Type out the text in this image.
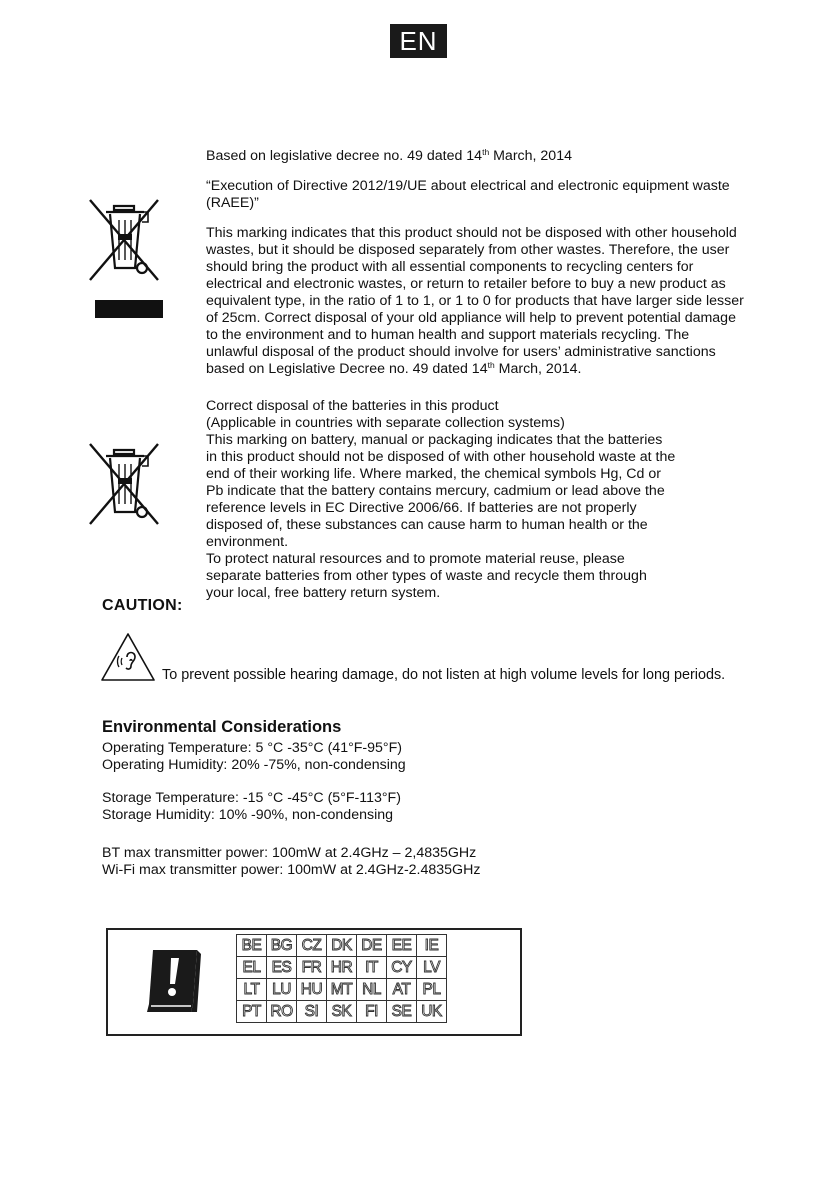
EN

Based on legislative decree no. 49 dated 14th March, 2014

“Execution of Directive 2012/19/UE about electrical and electronic equipment waste

(RAEE)”

This marking indicates that this product should not be disposed with other household

wastes, but it should be disposed separately from other wastes. Therefore, the user

should bring the product with all essential components to recycling centers for

electrical and electronic wastes, or return to retailer before to buy a new product as

equivalent type, in the ratio of 1 to 1, or 1 to 0 for products that have larger side lesser

of 25cm. Correct disposal of your old appliance will help to prevent potential damage

to the environment and to human health and support materials recycling. The

unlawful disposal of the product should involve for users’ administrative sanctions

based on Legislative Decree no. 49 dated 14th March, 2014.

Correct disposal of the batteries in this product

(Applicable in countries with separate collection systems)

This marking on battery, manual or packaging indicates that the batteries

in this product should not be disposed of with other household waste at the

end of their working life. Where marked, the chemical symbols Hg, Cd or

Pb indicate that the battery contains mercury, cadmium or lead above the

reference levels in EC Directive 2006/66. If batteries are not properly

disposed of, these substances can cause harm to human health or the

environment.

To protect natural resources and to promote material reuse, please

separate batteries from other types of waste and recycle them through

your local, free battery return system.

CAUTION:

To prevent possible hearing damage, do not listen at high volume levels for long periods.

Environmental Considerations

Operating Temperature: 5 °C -35°C (41°F-95°F)

Operating Humidity: 20% -75%, non-condensing

Storage Temperature: -15 °C -45°C (5°F-113°F)

Storage Humidity: 10% -90%, non-condensing

BT max transmitter power: 100mW at 2.4GHz – 2,4835GHz

Wi-Fi max transmitter power: 100mW at 2.4GHz-2.4835GHz

BE	BG	CZ	DK	DE	EE	IE
EL	ES	FR	HR	IT	CY	LV
LT	LU	HU	MT	NL	AT	PL
PT	RO	SI	SK	FI	SE	UK
